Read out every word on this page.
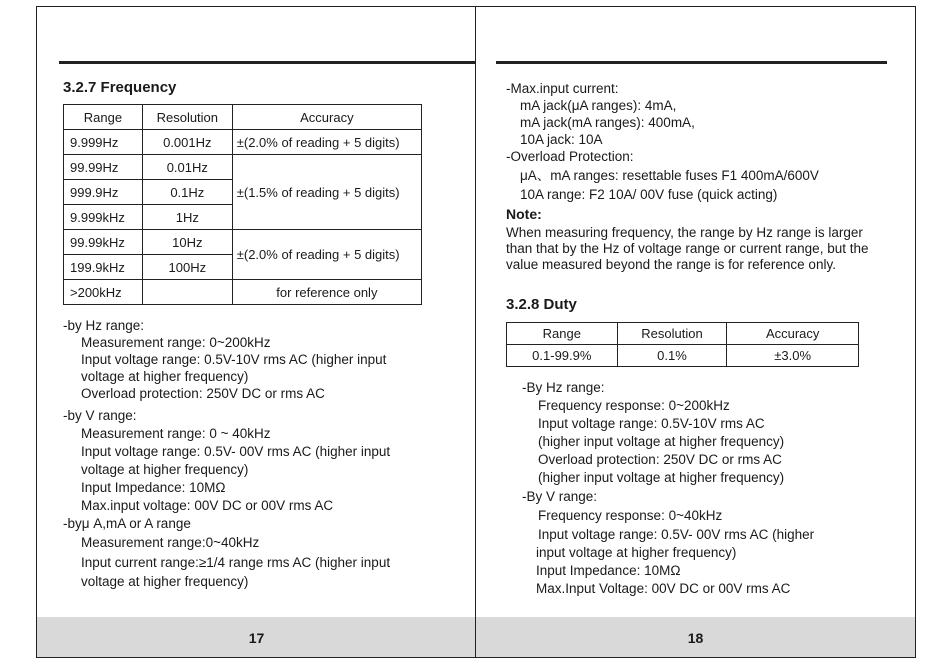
3.2.7 Frequency
Range	Resolution	Accuracy
9.999Hz	0.001Hz	±(2.0% of reading + 5 digits)
99.99Hz	0.01Hz	±(1.5% of reading + 5 digits)
999.9Hz	0.1Hz	
9.999kHz	1Hz	
99.99kHz	10Hz	±(2.0% of reading + 5 digits)
199.9kHz	100Hz	
>200kHz		for reference only
-by Hz range:
Measurement range: 0~200kHz
Input voltage range: 0.5V-10V rms AC (higher input
voltage at higher frequency)
Overload protection: 250V DC or rms AC
-by V range:
Measurement range: 0 ~ 40kHz
Input voltage range: 0.5V- 00V rms AC (higher input
voltage at higher frequency)
Input Impedance: 10MΩ
Max.input voltage: 00V DC or 00V rms AC
-byμ A,mA or A range
Measurement range:0~40kHz
Input current range:≥1/4 range rms AC (higher input
voltage at higher frequency)
17
-Max.input current:
mA jack(μA ranges): 4mA,
mA jack(mA ranges): 400mA,
10A jack: 10A
-Overload Protection:
μA、mA ranges: resettable fuses F1 400mA/600V
10A range: F2 10A/ 00V fuse (quick acting)
Note:
When measuring frequency, the range by Hz range is larger than that by the Hz of voltage range or current range, but the value measured beyond the range is for reference only.
3.2.8 Duty
Range	Resolution	Accuracy
0.1-99.9%	0.1%	±3.0%
-By Hz range:
Frequency response: 0~200kHz
Input voltage range: 0.5V-10V rms AC
(higher input voltage at higher frequency)
Overload protection: 250V DC or rms AC
(higher input voltage at higher frequency)
-By V range:
Frequency response: 0~40kHz
Input voltage range: 0.5V- 00V rms AC (higher
input voltage at higher frequency)
Input Impedance: 10MΩ
Max.Input Voltage: 00V DC or 00V rms AC
18
